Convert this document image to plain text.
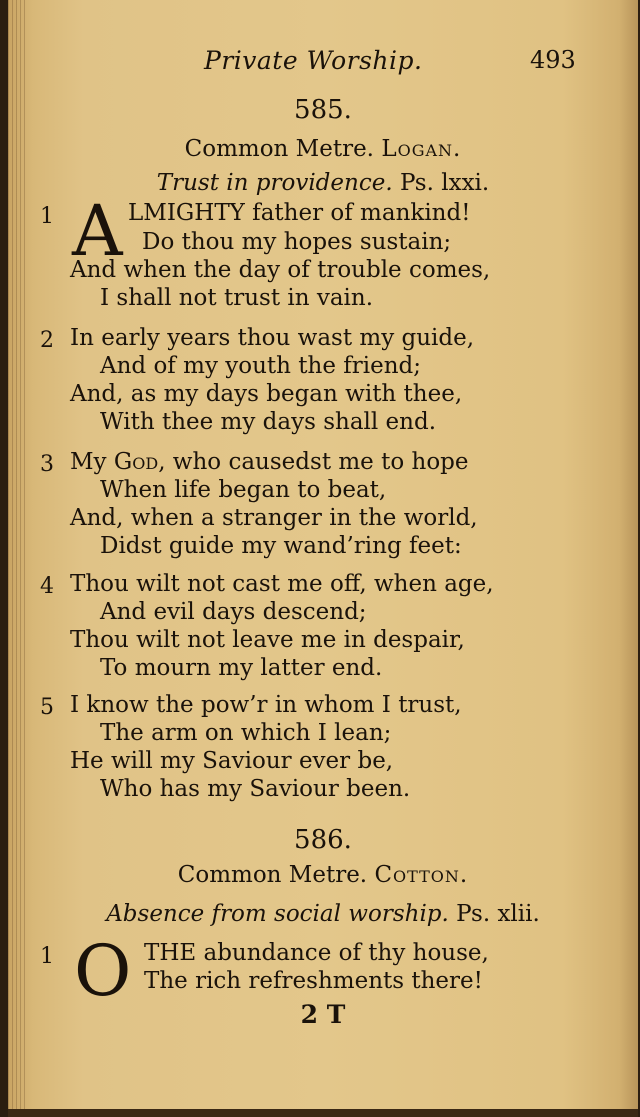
Private Worship.	493
585.
Common Metre. Logan.
Trust in providence. Ps. lxxi.
1 A LMIGHTY father of mankind!
Do thou my hopes sustain;
And when the day of trouble comes,
I shall not trust in vain.
2 In early years thou wast my guide,
And of my youth the friend;
And, as my days began with thee,
With thee my days shall end.
3 My God, who causedst me to hope
When life began to beat,
And, when a stranger in the world,
Didst guide my wand’ring feet:
4 Thou wilt not cast me off, when age,
And evil days descend;
Thou wilt not leave me in despair,
To mourn my latter end.
5 I know the pow’r in whom I trust,
The arm on which I lean;
He will my Saviour ever be,
Who has my Saviour been.
586.
Common Metre. Cotton.
Absence from social worship. Ps. xlii.
1 O THE abundance of thy house,
The rich refreshments there!
2 T
